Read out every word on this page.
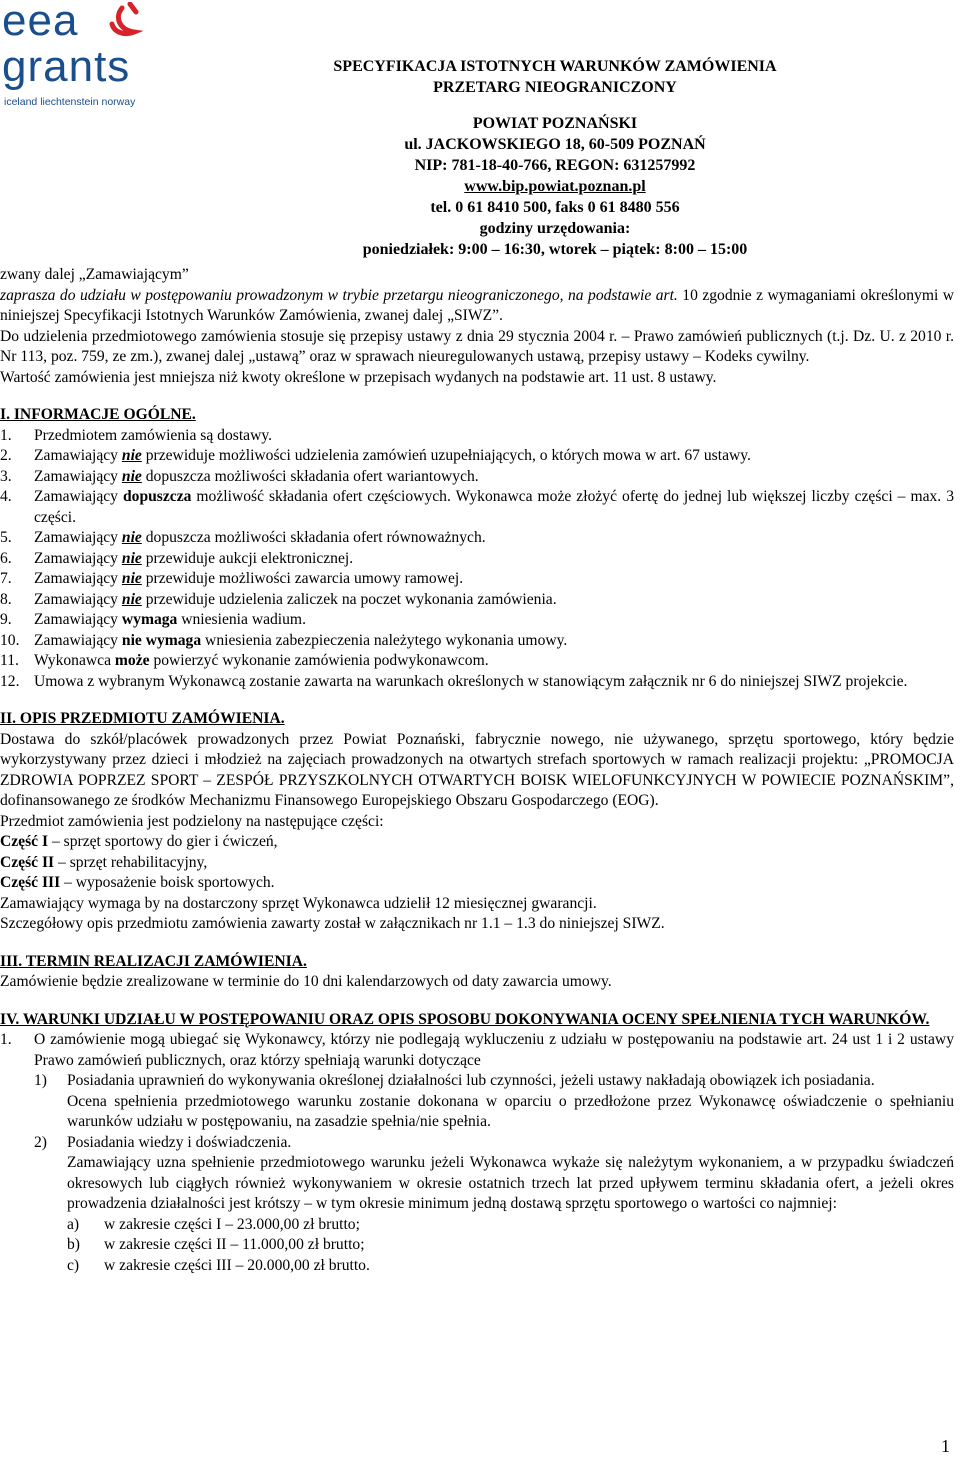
eea
grants
iceland liechtenstein norway
SPECYFIKACJA ISTOTNYCH WARUNKÓW ZAMÓWIENIA
PRZETARG NIEOGRANICZONY
POWIAT POZNAŃSKI
ul. JACKOWSKIEGO 18, 60-509 POZNAŃ
NIP: 781-18-40-766, REGON: 631257992
www.bip.powiat.poznan.pl
tel. 0 61 8410 500, faks 0 61 8480 556
godziny urzędowania:
poniedziałek: 9:00 – 16:30, wtorek – piątek: 8:00 – 15:00

zwany dalej „Zamawiającym”

zaprasza do udziału w postępowaniu prowadzonym w trybie przetargu nieograniczonego, na podstawie art. 10 zgodnie z wymaganiami określonymi w niniejszej Specyfikacji Istotnych Warunków Zamówienia, zwanej dalej „SIWZ”.

Do udzielenia przedmiotowego zamówienia stosuje się przepisy ustawy z dnia 29 stycznia 2004 r. – Prawo zamówień publicznych (t.j. Dz. U. z 2010 r. Nr 113, poz. 759, ze zm.), zwanej dalej „ustawą” oraz w sprawach nieuregulowanych ustawą, przepisy ustawy – Kodeks cywilny.

Wartość zamówienia jest mniejsza niż kwoty określone w przepisach wydanych na podstawie art. 11 ust. 8 ustawy.

I. INFORMACJE OGÓLNE.

1. Przedmiotem zamówienia są dostawy.
2. Zamawiający nie przewiduje możliwości udzielenia zamówień uzupełniających, o których mowa w art. 67 ustawy.
3. Zamawiający nie dopuszcza możliwości składania ofert wariantowych.
4. Zamawiający dopuszcza możliwość składania ofert częściowych. Wykonawca może złożyć ofertę do jednej lub większej liczby części – max. 3 części.
5. Zamawiający nie dopuszcza możliwości składania ofert równoważnych.
6. Zamawiający nie przewiduje aukcji elektronicznej.
7. Zamawiający nie przewiduje możliwości zawarcia umowy ramowej.
8. Zamawiający nie przewiduje udzielenia zaliczek na poczet wykonania zamówienia.
9. Zamawiający wymaga wniesienia wadium.
10. Zamawiający nie wymaga wniesienia zabezpieczenia należytego wykonania umowy.
11. Wykonawca może powierzyć wykonanie zamówienia podwykonawcom.
12. Umowa z wybranym Wykonawcą zostanie zawarta na warunkach określonych w stanowiącym załącznik nr 6 do niniejszej SIWZ projekcie.

II. OPIS PRZEDMIOTU ZAMÓWIENIA.

Dostawa do szkół/placówek prowadzonych przez Powiat Poznański, fabrycznie nowego, nie używanego, sprzętu sportowego, który będzie wykorzystywany przez dzieci i młodzież na zajęciach prowadzonych na otwartych strefach sportowych w ramach realizacji projektu: „PROMOCJA ZDROWIA POPRZEZ SPORT – ZESPÓŁ PRZYSZKOLNYCH OTWARTYCH BOISK WIELOFUNKCYJNYCH W POWIECIE POZNAŃSKIM”, dofinansowanego ze środków Mechanizmu Finansowego Europejskiego Obszaru Gospodarczego (EOG).

Przedmiot zamówienia jest podzielony na następujące części:

Część I – sprzęt sportowy do gier i ćwiczeń,
Część II – sprzęt rehabilitacyjny,
Część III – wyposażenie boisk sportowych.

Zamawiający wymaga by na dostarczony sprzęt Wykonawca udzielił 12 miesięcznej gwarancji.

Szczegółowy opis przedmiotu zamówienia zawarty został w załącznikach nr 1.1 – 1.3 do niniejszej SIWZ.

III. TERMIN REALIZACJI ZAMÓWIENIA.

Zamówienie będzie zrealizowane w terminie do 10 dni kalendarzowych od daty zawarcia umowy.

IV. WARUNKI UDZIAŁU W POSTĘPOWANIU ORAZ OPIS SPOSOBU DOKONYWANIA OCENY SPEŁNIENIA TYCH WARUNKÓW.

1. O zamówienie mogą ubiegać się Wykonawcy, którzy nie podlegają wykluczeniu z udziału w postępowaniu na podstawie art. 24 ust 1 i 2 ustawy Prawo zamówień publicznych, oraz którzy spełniają warunki dotyczące
1) Posiadania uprawnień do wykonywania określonej działalności lub czynności, jeżeli ustawy nakładają obowiązek ich posiadania.
Ocena spełnienia przedmiotowego warunku zostanie dokonana w oparciu o przedłożone przez Wykonawcę oświadczenie o spełnianiu warunków udziału w postępowaniu, na zasadzie spełnia/nie spełnia.
2) Posiadania wiedzy i doświadczenia.
Zamawiający uzna spełnienie przedmiotowego warunku jeżeli Wykonawca wykaże się należytym wykonaniem, a w przypadku świadczeń okresowych lub ciągłych również wykonywaniem w okresie ostatnich trzech lat przed upływem terminu składania ofert, a jeżeli okres prowadzenia działalności jest krótszy – w tym okresie minimum jedną dostawą sprzętu sportowego o wartości co najmniej:
a) w zakresie części I – 23.000,00 zł brutto;
b) w zakresie części II – 11.000,00 zł brutto;
c) w zakresie części III – 20.000,00 zł brutto.
1
